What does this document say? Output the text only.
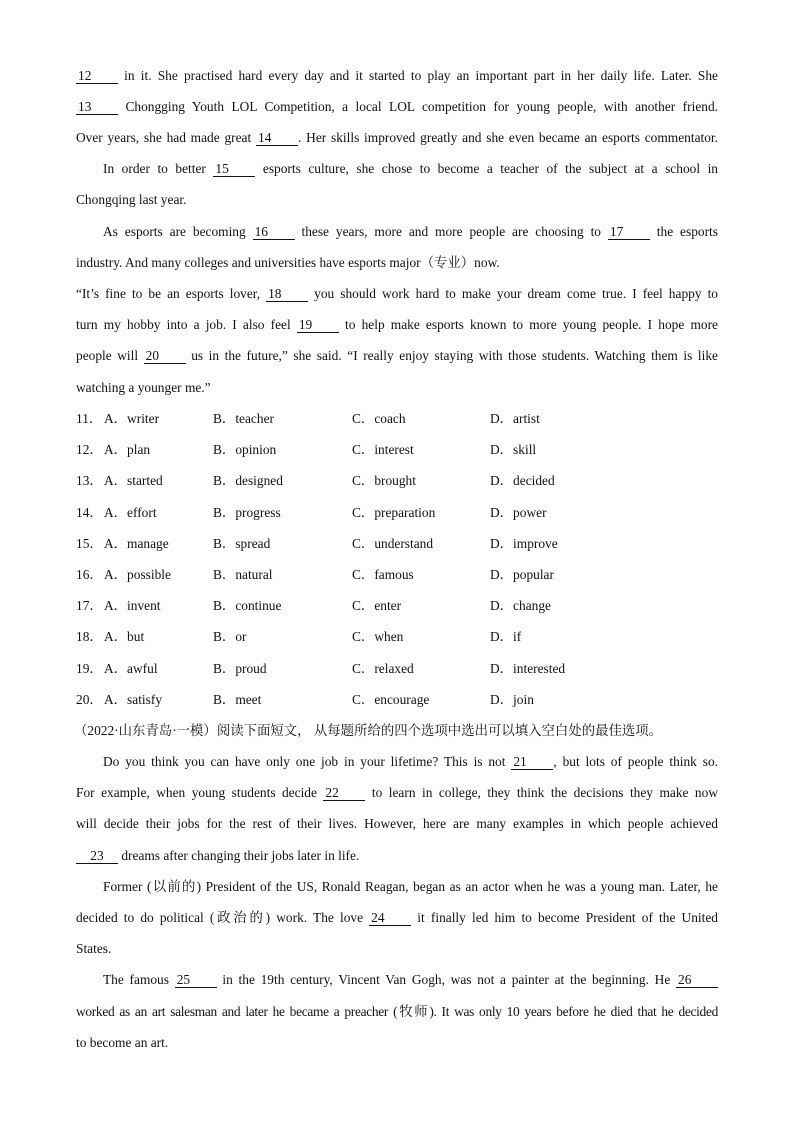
12 in it. She practised hard every day and it started to play an important part in her daily life. Later. She
13 Chongging Youth LOL Competition, a local LOL competition for young people, with another friend.
Over years, she had made great 14 . Her skills improved greatly and she even became an esports commentator.
In order to better 15 esports culture, she chose to become a teacher of the subject at a school in
Chongqing last year.
As esports are becoming 16 these years, more and more people are choosing to 17 the esports
industry. And many colleges and universities have esports major（专业）now.
“It’s fine to be an esports lover, 18 you should work hard to make your dream come true. I feel happy to
turn my hobby into a job. I also feel 19 to help make esports known to more young people. I hope more
people will 20 us in the future,” she said. “I really enjoy staying with those students. Watching them is like
watching a younger me.”
11． A．writer	B．teacher	C．coach	D．artist
12． A．plan	B．opinion	C．interest	D．skill
13． A．started	B．designed	C．brought	D．decided
14． A．effort	B．progress	C．preparation	D．power
15． A．manage	B．spread	C．understand	D．improve
16． A．possible	B．natural	C．famous	D．popular
17． A．invent	B．continue	C．enter	D．change
18． A．but	B．or	C．when	D．if
19． A．awful	B．proud	C．relaxed	D．interested
20． A．satisfy	B．meet	C．encourage	D．join
（2022·山东青岛·一模）阅读下面短文， 从每题所给的四个选项中选出可以填入空白处的最佳选项。
Do you think you can have only one job in your lifetime? This is not 21 , but lots of people think so.
For example, when young students decide 22 to learn in college, they think the decisions they make now
will decide their jobs for the rest of their lives. However, here are many examples in which people achieved
23 dreams after changing their jobs later in life.
Former (以前的) President of the US, Ronald Reagan, began as an actor when he was a young man. Later, he
decided to do political (政治的) work. The love 24 it finally led him to become President of the United
States.
The famous 25 in the 19th century, Vincent Van Gogh, was not a painter at the beginning. He 26
worked as an art salesman and later he became a preacher (牧师). It was only 10 years before he died that he decided
to become an art.
